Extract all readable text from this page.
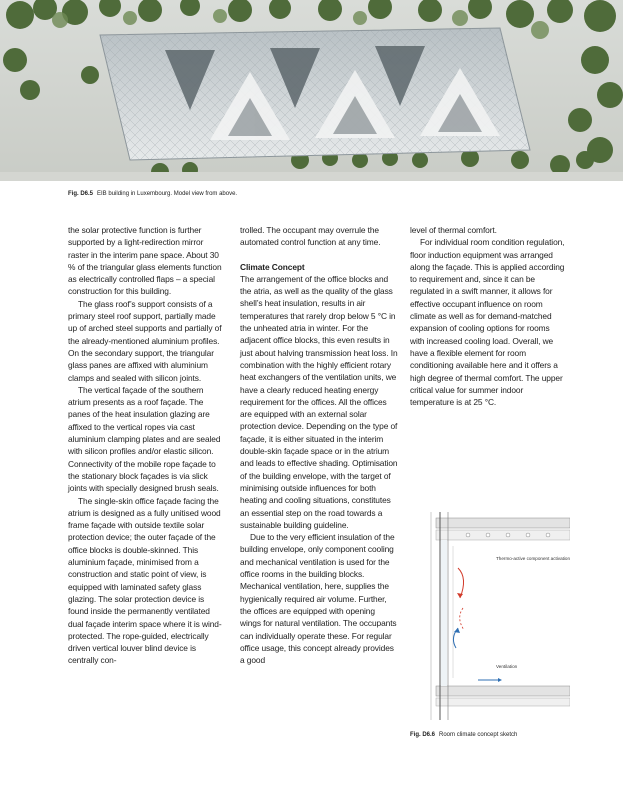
Fig. D6.5 EIB building in Luxembourg. Model view from above.

the solar protective function is further supported by a light-redirection mirror raster in the interim pane space. About 30 % of the triangular glass elements function as electrically controlled flaps – a special construction for this building.

The glass roof’s support consists of a primary steel roof support, partially made up of arched steel supports and partially of the already-mentioned aluminium profiles. On the secondary support, the triangular glass panes are affixed with aluminium clamps and sealed with silicon joints.

The vertical façade of the southern atrium presents as a roof façade. The panes of the heat insulation glazing are affixed to the vertical ropes via cast aluminium clamping plates and are sealed with silicon profiles and/or elastic silicon. Connectivity of the mobile rope façade to the stationary block façades is via slick joints with specially designed brush seals.

The single-skin office façade facing the atrium is designed as a fully unitised wood frame façade with outside textile solar protection device; the outer façade of the office blocks is double-skinned. This aluminium façade, minimised from a construction and static point of view, is equipped with laminated safety glass glazing. The solar protection device is found inside the permanently ventilated dual façade interim space where it is wind-protected. The rope-guided, electrically driven vertical louver blind device is centrally con-

trolled. The occupant may overrule the automated control function at any time.

Climate Concept

The arrangement of the office blocks and the atria, as well as the quality of the glass shell’s heat insulation, results in air temperatures that rarely drop below 5 °C in the unheated atria in winter. For the adjacent office blocks, this even results in just about halving transmission heat loss. In combination with the highly efficient rotary heat exchangers of the ventilation units, we have a clearly reduced heating energy requirement for the offices. All the offices are equipped with an external solar protection device. Depending on the type of façade, it is either situated in the interim double-skin façade space or in the atrium and leads to effective shading. Optimisation of the building envelope, with the target of minimising outside influences for both heating and cooling situations, constitutes an essential step on the road towards a sustainable building guideline.

Due to the very efficient insulation of the building envelope, only component cooling and mechanical ventilation is used for the office rooms in the building blocks. Mechanical ventilation, here, supplies the hygienically required air volume. Further, the offices are equipped with opening wings for natural ventilation. The occupants can individually operate these. For regular office usage, this concept already provides a good

level of thermal comfort.

For individual room condition regulation, floor induction equipment was arranged along the façade. This is applied according to requirement and, since it can be regulated in a swift manner, it allows for effective occupant influence on room climate as well as for demand-matched expansion of cooling options for rooms with increased cooling load. Overall, we have a flexible element for room conditioning available here and it offers a high degree of thermal comfort. The upper critical value for summer indoor temperature is at 25 °C.

Thermo-active component activation
Ventilation
Fig. D6.6 Room climate concept sketch
